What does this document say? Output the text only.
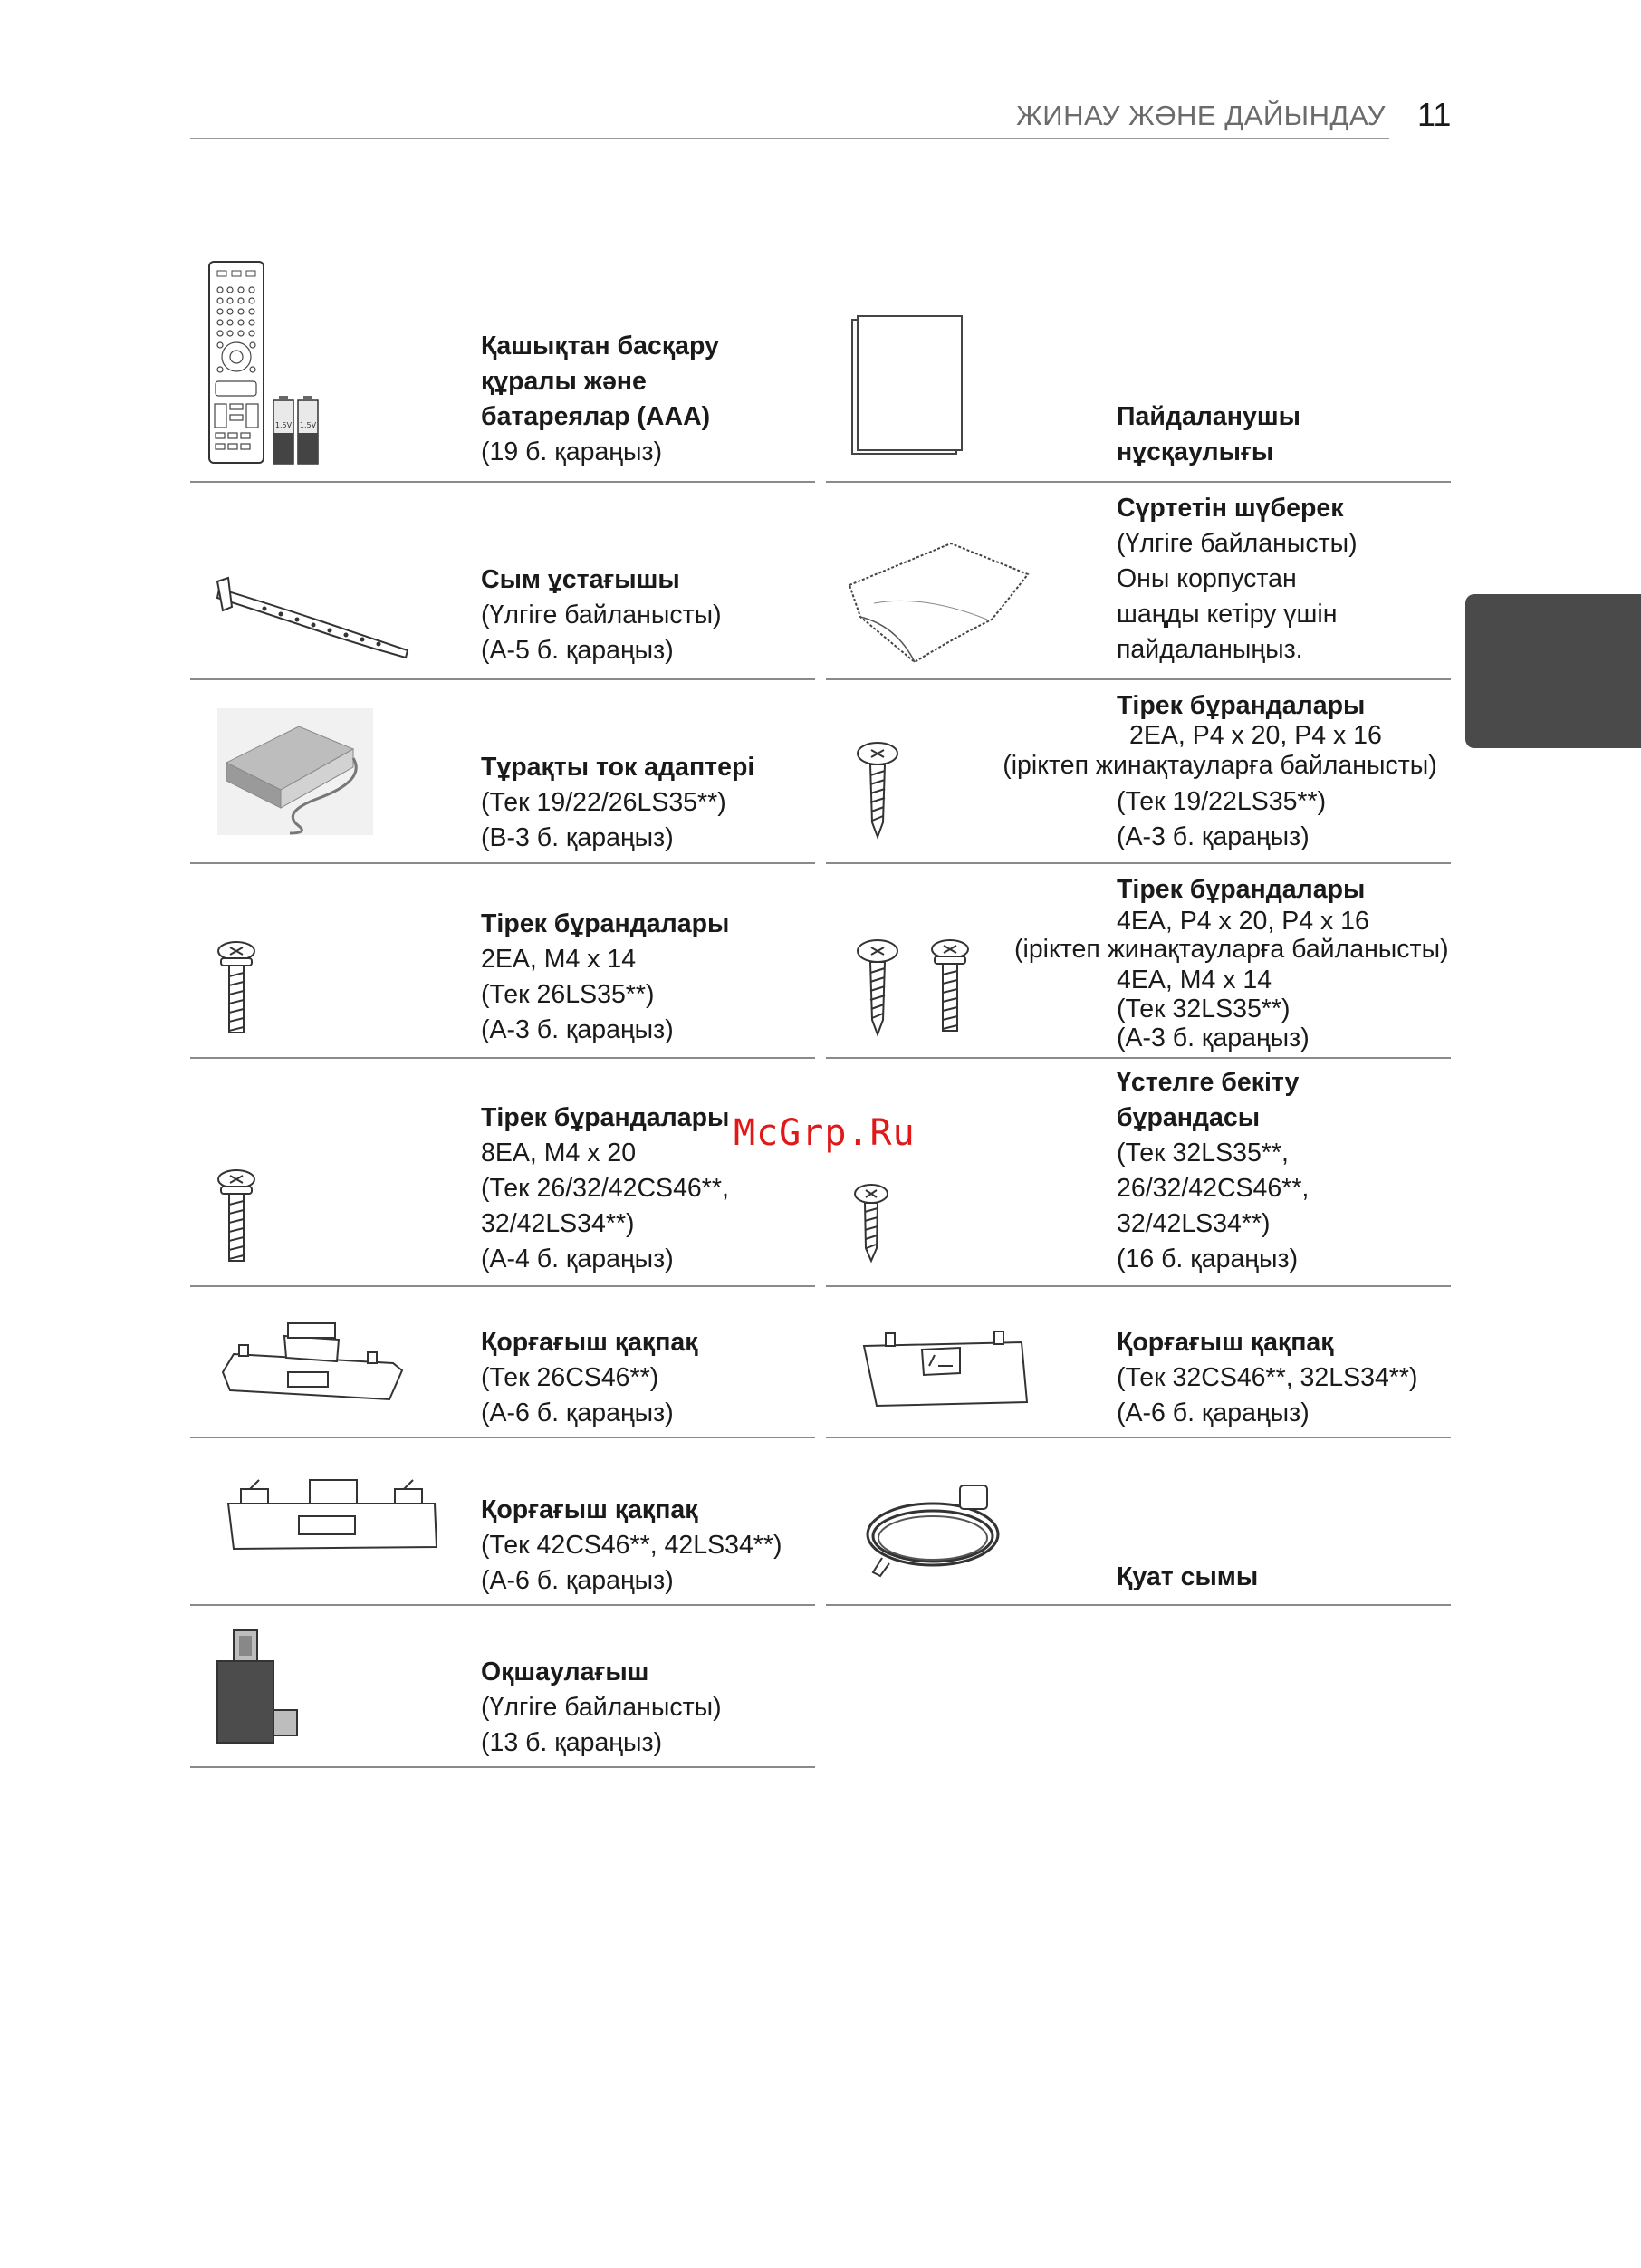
ЖИНАУ ЖӘНЕ ДАЙЫНДАУ 11
1.5V 1.5V
Қашықтан басқару
құралы және
батареялар (AAA)
(19 б. қараңыз)
Пайдаланушы
нұсқаулығы
Сым ұстағышы
(Үлгіге байланысты)
(A-5 б. қараңыз)
Сүртетін шүберек
(Үлгіге байланысты)
Оны корпустан
шаңды кетіру үшін
пайдаланыңыз.
Тұрақты ток адаптері
(Тек 19/22/26LS35**)
(B-3 б. қараңыз)
Тірек бұрандалары
2EA, P4 x 20, P4 x 16
(іріктеп жинақтауларға байланысты)
(Тек 19/22LS35**)
(A-3 б. қараңыз)
Тірек бұрандалары
2EA, M4 x 14
(Тек 26LS35**)
(A-3 б. қараңыз)
Тірек бұрандалары
4EA, P4 x 20, P4 x 16
(іріктеп жинақтауларға байланысты)
4EA, M4 x 14
(Тек 32LS35**)
(A-3 б. қараңыз)
Тірек бұрандалары
8EA, M4 x 20
(Тек 26/32/42CS46**,
32/42LS34**)
(A-4 б. қараңыз)
Үстелге бекіту
бұрандасы
(Тек 32LS35**,
26/32/42CS46**,
32/42LS34**)
(16 б. қараңыз)
Қорғағыш қақпақ
(Тек 26CS46**)
(A-6 б. қараңыз)
Қорғағыш қақпақ
(Тек 32CS46**, 32LS34**)
(A-6 б. қараңыз)
Қорғағыш қақпақ
(Тек 42CS46**, 42LS34**)
(A-6 б. қараңыз)	Қуат сымы
Оқшаулағыш
(Үлгіге байланысты)
(13 б. қараңыз)
McGrp.Ru
